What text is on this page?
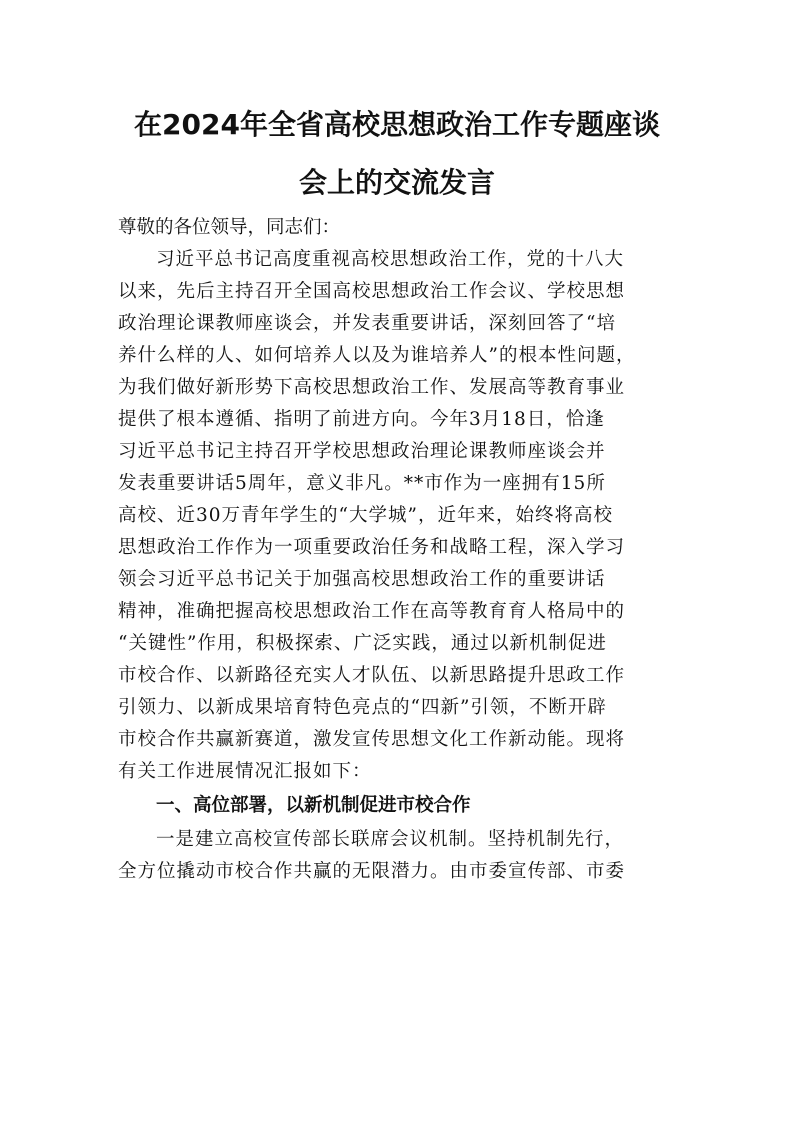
在2024年全省高校思想政治工作专题座谈
会上的交流发言

尊敬的各位领导，同志们：

习近平总书记高度重视高校思想政治工作，党的十八大

以来，先后主持召开全国高校思想政治工作会议、学校思想

政治理论课教师座谈会，并发表重要讲话，深刻回答了“培

养什么样的人、如何培养人以及为谁培养人”的根本性问题，

为我们做好新形势下高校思想政治工作、发展高等教育事业

提供了根本遵循、指明了前进方向。今年3月18日，恰逢

习近平总书记主持召开学校思想政治理论课教师座谈会并

发表重要讲话5周年，意义非凡。**市作为一座拥有15所

高校、近30万青年学生的“大学城”，近年来，始终将高校

思想政治工作作为一项重要政治任务和战略工程，深入学习

领会习近平总书记关于加强高校思想政治工作的重要讲话

精神，准确把握高校思想政治工作在高等教育育人格局中的

“关键性”作用，积极探索、广泛实践，通过以新机制促进

市校合作、以新路径充实人才队伍、以新思路提升思政工作

引领力、以新成果培育特色亮点的“四新”引领，不断开辟

市校合作共赢新赛道，激发宣传思想文化工作新动能。现将

有关工作进展情况汇报如下：

一、高位部署，以新机制促进市校合作

一是建立高校宣传部长联席会议机制。坚持机制先行，

全方位撬动市校合作共赢的无限潜力。由市委宣传部、市委
